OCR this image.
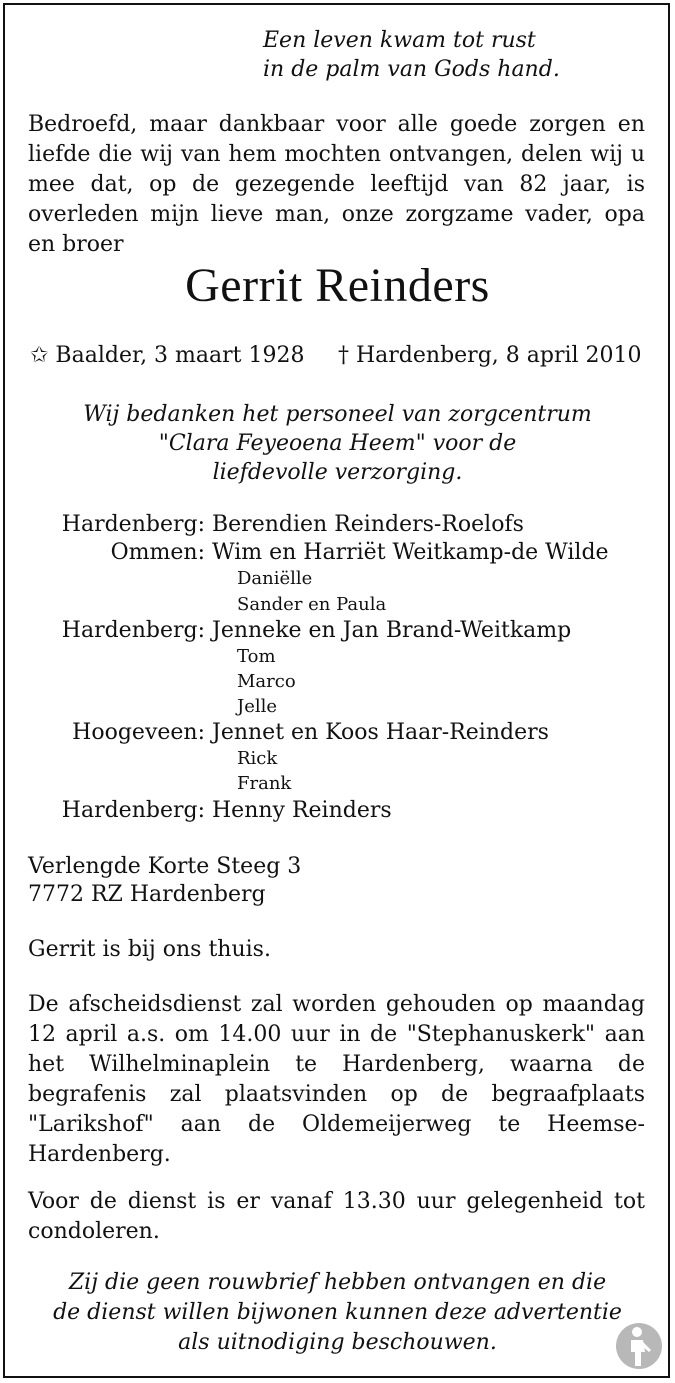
Een leven kwam tot rust
in de palm van Gods hand.
Bedroefd, maar dankbaar voor alle goede zorgen en liefde die wij van hem mochten ontvangen, delen wij u mee dat, op de gezegende leeftijd van 82 jaar, is overleden mijn lieve man, onze zorgzame vader, opa en broer
Gerrit Reinders
✩ Baalder, 3 maart 1928 † Hardenberg, 8 april 2010
Wij bedanken het personeel van zorgcentrum
"Clara Feyeoena Heem" voor de
liefdevolle verzorging.
Hardenberg: Berendien Reinders-Roelofs
Ommen: Wim en Harriët Weitkamp-de Wilde
Daniëlle
Sander en Paula
Hardenberg: Jenneke en Jan Brand-Weitkamp
Tom
Marco
Jelle
Hoogeveen: Jennet en Koos Haar-Reinders
Rick
Frank
Hardenberg: Henny Reinders
Verlengde Korte Steeg 3
7772 RZ Hardenberg
Gerrit is bij ons thuis.
De afscheidsdienst zal worden gehouden op maandag 12 april a.s. om 14.00 uur in de "Stephanuskerk" aan het Wilhelminaplein te Hardenberg, waarna de begrafenis zal plaatsvinden op de begraafplaats "Larikshof" aan de Oldemeijerweg te Heemse-Hardenberg.
Voor de dienst is er vanaf 13.30 uur gelegenheid tot condoleren.
Zij die geen rouwbrief hebben ontvangen en die
de dienst willen bijwonen kunnen deze advertentie
als uitnodiging beschouwen.
